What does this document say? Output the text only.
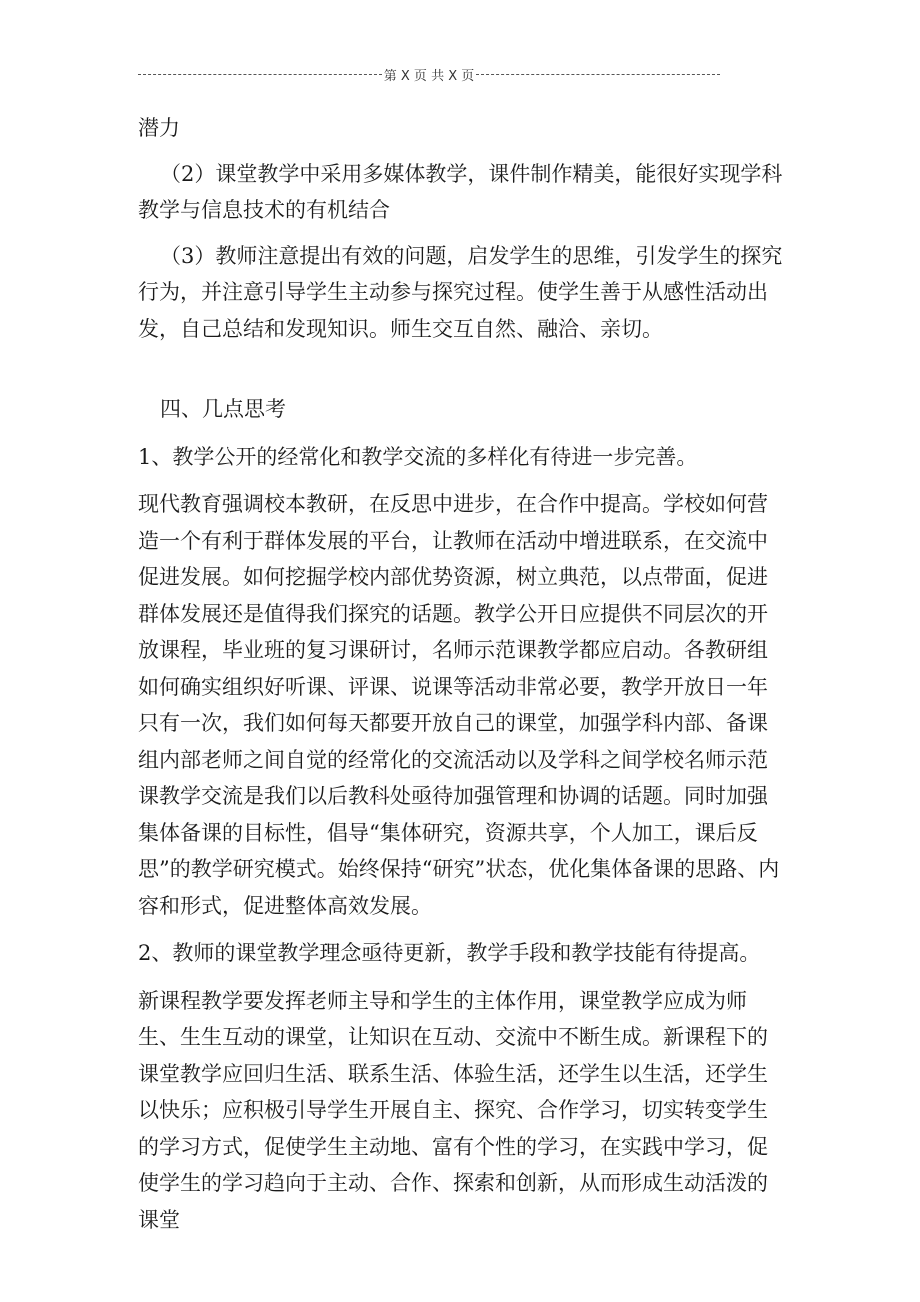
第 X 页 共 X 页

潜力

（2）课堂教学中采用多媒体教学，课件制作精美，能很好实现学科教学与信息技术的有机结合

（3）教师注意提出有效的问题，启发学生的思维，引发学生的探究行为，并注意引导学生主动参与探究过程。使学生善于从感性活动出发，自己总结和发现知识。师生交互自然、融洽、亲切。

四、几点思考

1、教学公开的经常化和教学交流的多样化有待进一步完善。

现代教育强调校本教研，在反思中进步，在合作中提高。学校如何营造一个有利于群体发展的平台，让教师在活动中增进联系，在交流中促进发展。如何挖掘学校内部优势资源，树立典范，以点带面，促进群体发展还是值得我们探究的话题。教学公开日应提供不同层次的开放课程，毕业班的复习课研讨，名师示范课教学都应启动。各教研组如何确实组织好听课、评课、说课等活动非常必要，教学开放日一年只有一次，我们如何每天都要开放自己的课堂，加强学科内部、备课组内部老师之间自觉的经常化的交流活动以及学科之间学校名师示范课教学交流是我们以后教科处亟待加强管理和协调的话题。同时加强集体备课的目标性，倡导“集体研究，资源共享，个人加工，课后反思”的教学研究模式。始终保持“研究”状态，优化集体备课的思路、内容和形式，促进整体高效发展。

2、教师的课堂教学理念亟待更新，教学手段和教学技能有待提高。

新课程教学要发挥老师主导和学生的主体作用，课堂教学应成为师生、生生互动的课堂，让知识在互动、交流中不断生成。新课程下的课堂教学应回归生活、联系生活、体验生活，还学生以生活，还学生以快乐；应积极引导学生开展自主、探究、合作学习，切实转变学生的学习方式，促使学生主动地、富有个性的学习，在实践中学习，促使学生的学习趋向于主动、合作、探索和创新，从而形成生动活泼的课堂
